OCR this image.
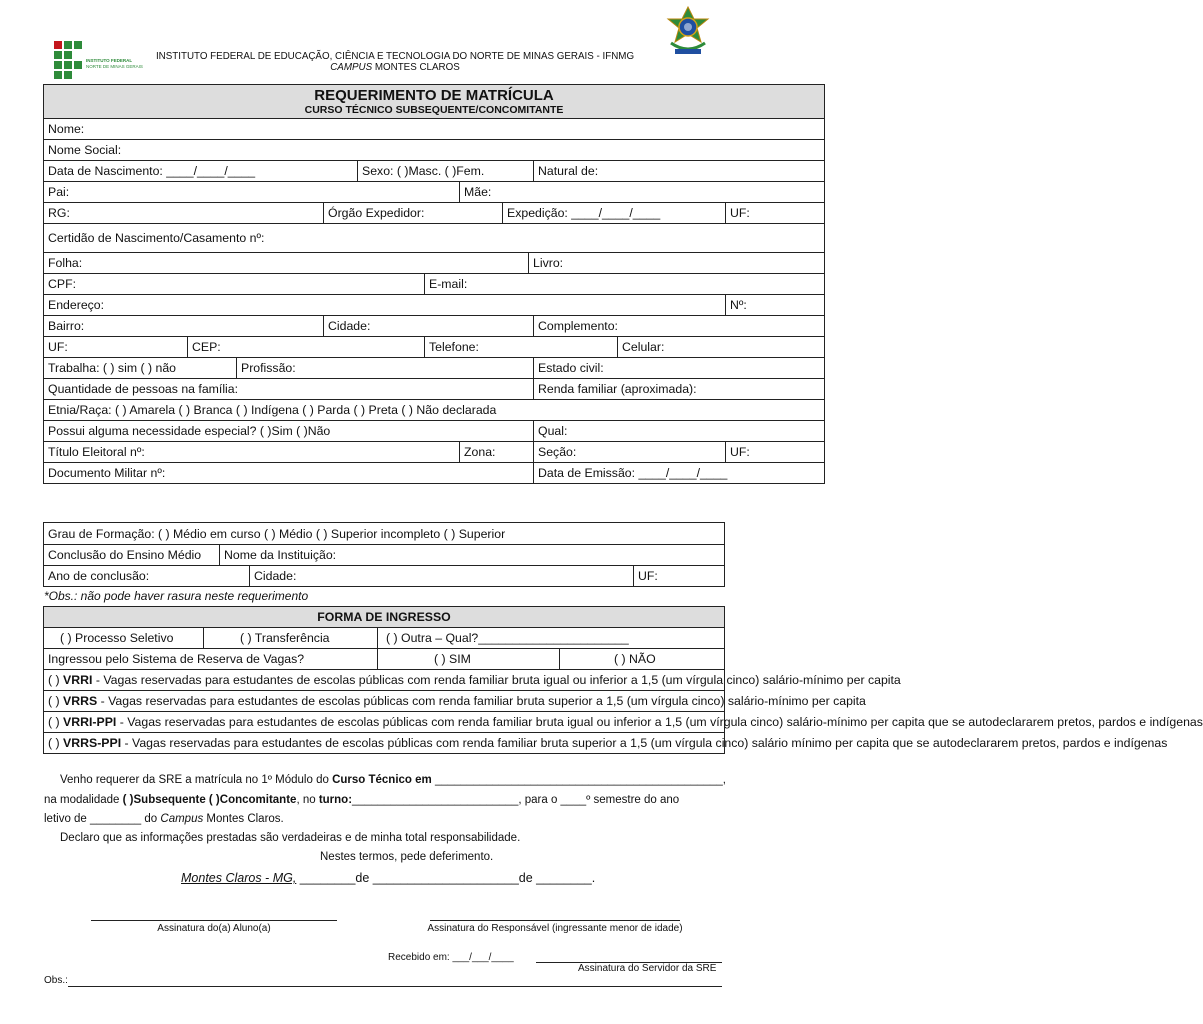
INSTITUTO FEDERAL
NORTE DE MINAS GERAIS
INSTITUTO FEDERAL DE EDUCAÇÃO, CIÊNCIA E TECNOLOGIA DO NORTE DE MINAS GERAIS - IFNMG
CAMPUS MONTES CLAROS
REQUERIMENTO DE MATRÍCULA
CURSO TÉCNICO SUBSEQUENTE/CONCOMITANTE											

Nome:											
Nome Social:											
Data de Nascimento: ____/____/____				Sexo: ( )Masc. ( )Fem.					Natural de:		
Pai:						Mãe:					
RG:			Órgão Expedidor:				Expedição: ____/____/____				UF:
Certidão de Nascimento/Casamento nº:											
Folha:								Livro:			
CPF:					E-mail:						
Endereço:											Nº:
Bairro:			Cidade:						Complemento:		
UF:	CEP:				Telefone:					Celular:	
Trabalha: ( ) sim ( ) não		Profissão:							Estado civil:		
Quantidade de pessoas na família:									Renda familiar (aproximada):		
Etnia/Raça: ( ) Amarela ( ) Branca ( ) Indígena ( ) Parda ( ) Preta ( ) Não declarada											
Possui alguma necessidade especial? ( )Sim ( )Não									Qual:		
Título Eleitoral nº:						Zona:			Seção:		UF:
Documento Militar nº:									Data de Emissão: ____/____/____		
Grau de Formação: ( ) Médio em curso ( ) Médio ( ) Superior incompleto ( ) Superior			
Conclusão do Ensino Médio	Nome da Instituição:		
Ano de conclusão:		Cidade:	UF:
*Obs.: não pode haver rasura neste requerimento
FORMA DE INGRESSO			
( ) Processo Seletivo	( ) Transferência	( ) Outra – Qual?______________________	
Ingressou pelo Sistema de Reserva de Vagas?		( ) SIM	( ) NÃO
( ) VRRI - Vagas reservadas para estudantes de escolas públicas com renda familiar bruta igual ou inferior a 1,5 (um vírgula cinco) salário-mínimo per capita			
( ) VRRS - Vagas reservadas para estudantes de escolas públicas com renda familiar bruta superior a 1,5 (um vírgula cinco) salário-mínimo per capita			
( ) VRRI-PPI - Vagas reservadas para estudantes de escolas públicas com renda familiar bruta igual ou inferior a 1,5 (um vírgula cinco) salário-mínimo per capita que se autodeclararem pretos, pardos e indígenas			
( ) VRRS-PPI - Vagas reservadas para estudantes de escolas públicas com renda familiar bruta superior a 1,5 (um vírgula cinco) salário mínimo per capita que se autodeclararem pretos, pardos e indígenas			
Venho requerer da SRE a matrícula no 1º Módulo do Curso Técnico em _____________________________________________,
na modalidade ( )Subsequente ( )Concomitante, no turno:__________________________, para o ____º semestre do ano
letivo de ________ do Campus Montes Claros.
Declaro que as informações prestadas são verdadeiras e de minha total responsabilidade.
Nestes termos, pede deferimento.
Montes Claros - MG, ________de _____________________de ________.
Assinatura do(a) Aluno(a)	Assinatura do Responsável (ingressante menor de idade)
Recebido em: ___/___/____
Assinatura do Servidor da SRE
Obs.:
